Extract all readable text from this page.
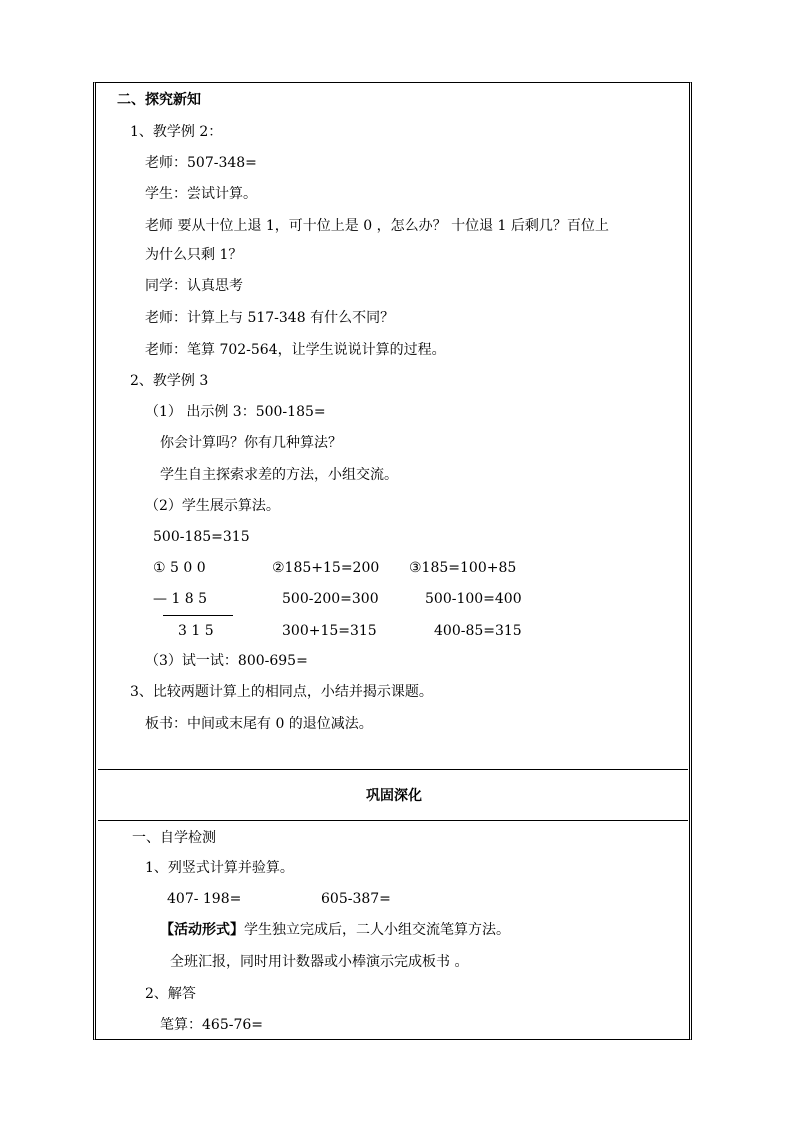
二、探究新知
1、教学例 2：
老师：507-348=
学生：尝试计算。
老师 要从十位上退 1，可十位上是 0 ，怎么办？ 十位退 1 后剩几？百位上
为什么只剩 1？
同学：认真思考
老师：计算上与 517-348 有什么不同？
老师：笔算 702-564，让学生说说计算的过程。
2、教学例 3
（1） 出示例 3：500-185=
你会计算吗？你有几种算法？
学生自主探索求差的方法，小组交流。
（2）学生展示算法。
500-185=315
① 5 0 0
— 1 8 5
3 1 5
②185+15=200
500-200=300
300+15=315
③185=100+85
500-100=400
400-85=315
（3）试一试：800-695=
3、比较两题计算上的相同点，小结并揭示课题。
板书：中间或末尾有 0 的退位减法。
巩固深化
一、自学检测
1、列竖式计算并验算。
407- 198=	605-387=
【活动形式】学生独立完成后，二人小组交流笔算方法。
全班汇报，同时用计数器或小棒演示完成板书 。
2、解答
笔算：465-76=
